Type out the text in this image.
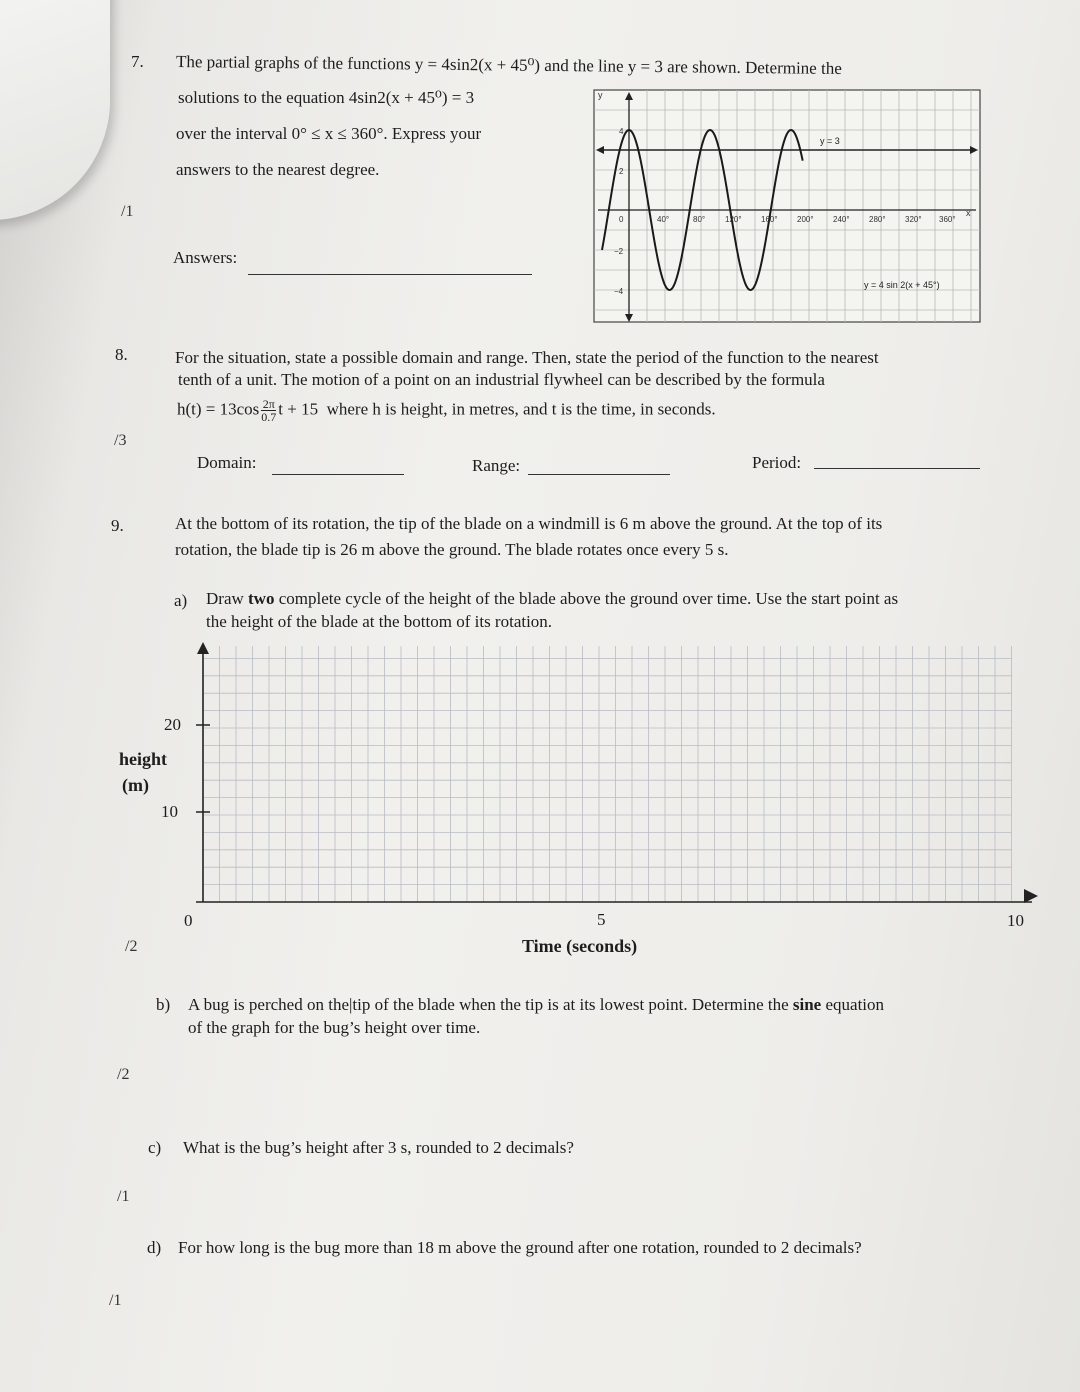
7. The partial graphs of the functions y = 4sin2(x + 45⁰) and the line y = 3 are shown. Determine the
solutions to the equation 4sin2(x + 45⁰) = 3
over the interval 0° ≤ x ≤ 360°. Express your
answers to the nearest degree.
/1
Answers:
y
x
y = 3
y = 4 sin 2(x + 45°)
4
2
0
−2
−4
40°	80° 120° 160° 200° 240° 280° 320° 360°
8.	For the situation, state a possible domain and range. Then, state the period of the function to the nearest
tenth of a unit. The motion of a point on an industrial flywheel can be described by the formula
$h(t) = 13\cos \frac{2\pi}{0.7}$ t + 15 where h is height, in metres, and t is the time, in seconds.
/3
Domain:	Range:	Period:
9.	At the bottom of its rotation, the tip of the blade on a windmill is 6 m above the ground. At the top of its
rotation, the blade tip is 26 m above the ground. The blade rotates once every 5 s.
a) Draw two complete cycle of the height of the blade above the ground over time. Use the start point as
the height of the blade at the bottom of its rotation.
20
10
height
(m)
0	5	10
Time (seconds)
/2
b) A bug is perched on the|tip of the blade when the tip is at its lowest point. Determine the sine equation
of the graph for the bug’s height over time.
/2
c) What is the bug’s height after 3 s, rounded to 2 decimals?
/1
d) For how long is the bug more than 18 m above the ground after one rotation, rounded to 2 decimals?
/1
